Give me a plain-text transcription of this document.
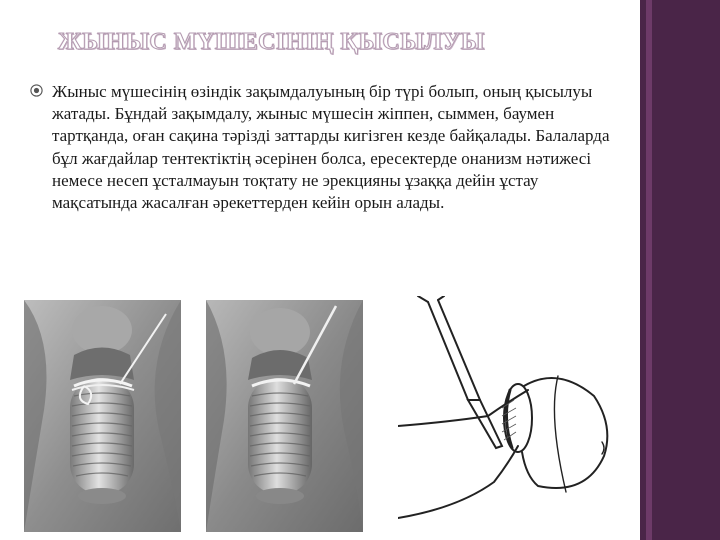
ЖЫНЫС МҮШЕСІНІҢ ҚЫСЫЛУЫ

Жыныс мүшесінің өзіндік зақымдалуының бір түрі болып, оның қысылуы жатады. Бұндай зақымдалу, жыныс мүшесін жіппен, сыммен, баумен тартқанда, оған сақина тәрізді заттарды кигізген кезде байқалады. Балаларда бұл жағдайлар тентектіктің әсерінен болса, ересектерде онанизм нәтижесі немесе несеп ұсталмауын тоқтату не эрекцияны ұзаққа дейін ұстау мақсатында жасалған әрекеттерден кейін орын алады.
